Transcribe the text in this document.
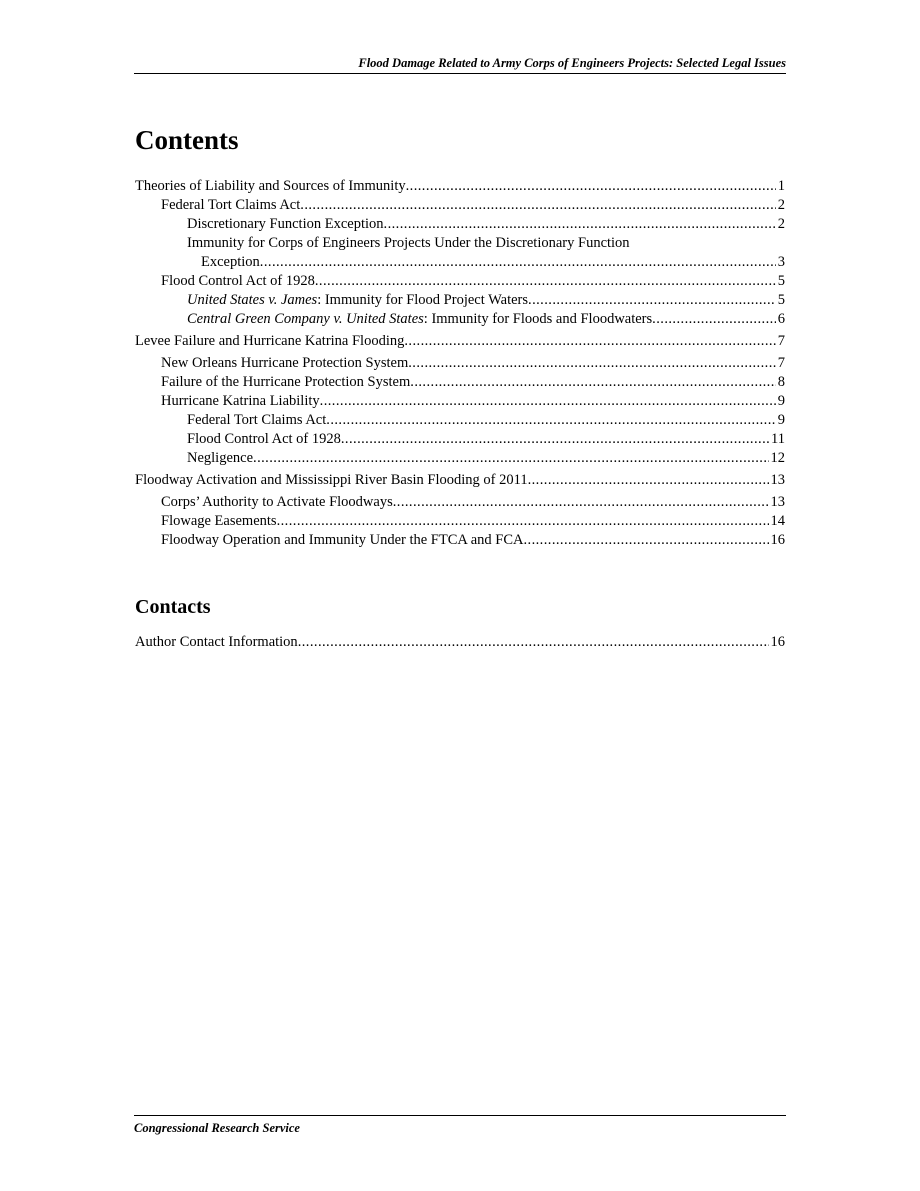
Flood Damage Related to Army Corps of Engineers Projects: Selected Legal Issues
Contents
Theories of Liability and Sources of Immunity . . .	1
Federal Tort Claims Act . . .	2
Discretionary Function Exception . . .	2
Immunity for Corps of Engineers Projects Under the Discretionary Function
Exception . . .	3
Flood Control Act of 1928 . . .	5
United States v. James: Immunity for Flood Project Waters . . .	5
Central Green Company v. United States: Immunity for Floods and Floodwaters . . .	6
Levee Failure and Hurricane Katrina Flooding . . .	7
New Orleans Hurricane Protection System . . .	7
Failure of the Hurricane Protection System . . .	8
Hurricane Katrina Liability . . .	9
Federal Tort Claims Act . . .	9
Flood Control Act of 1928 . . .	11
Negligence . . .	12
Floodway Activation and Mississippi River Basin Flooding of 2011 . . .	13
Corps’ Authority to Activate Floodways . . .	13
Flowage Easements . . .	14
Floodway Operation and Immunity Under the FTCA and FCA . . .	16
Contacts
Author Contact Information . . .	16
Congressional Research Service
